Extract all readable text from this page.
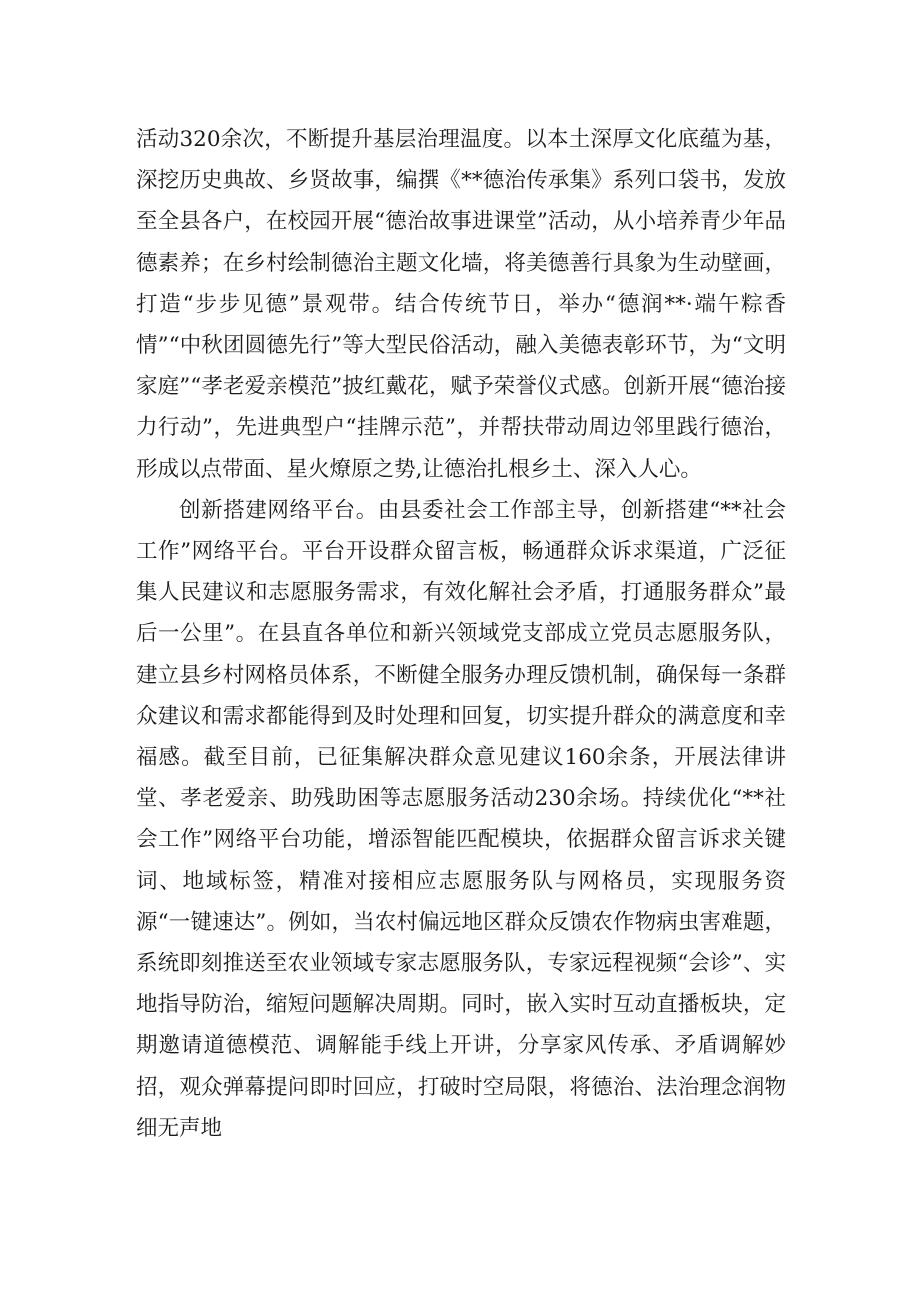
活动320余次，不断提升基层治理温度。以本土深厚文化底蕴为基，深挖历史典故、乡贤故事，编撰《**德治传承集》系列口袋书，发放至全县各户，在校园开展“德治故事进课堂”活动，从小培养青少年品德素养；在乡村绘制德治主题文化墙，将美德善行具象为生动壁画，打造“步步见德”景观带。结合传统节日，举办“德润**·端午粽香情”“中秋团圆德先行”等大型民俗活动，融入美德表彰环节，为“文明家庭”“孝老爱亲模范”披红戴花，赋予荣誉仪式感。创新开展“德治接力行动”，先进典型户“挂牌示范”，并帮扶带动周边邻里践行德治，形成以点带面、星火燎原之势,让德治扎根乡土、深入人心。

创新搭建网络平台。由县委社会工作部主导，创新搭建“**社会工作”网络平台。平台开设群众留言板，畅通群众诉求渠道，广泛征集人民建议和志愿服务需求，有效化解社会矛盾，打通服务群众”最后一公里”。在县直各单位和新兴领域党支部成立党员志愿服务队，建立县乡村网格员体系，不断健全服务办理反馈机制，确保每一条群众建议和需求都能得到及时处理和回复，切实提升群众的满意度和幸福感。截至目前，已征集解决群众意见建议160余条，开展法律讲堂、孝老爱亲、助残助困等志愿服务活动230余场。持续优化“**社会工作”网络平台功能，增添智能匹配模块，依据群众留言诉求关键词、地域标签，精准对接相应志愿服务队与网格员，实现服务资源“一键速达”。例如，当农村偏远地区群众反馈农作物病虫害难题，系统即刻推送至农业领域专家志愿服务队，专家远程视频“会诊”、实地指导防治，缩短问题解决周期。同时，嵌入实时互动直播板块，定期邀请道德模范、调解能手线上开讲，分享家风传承、矛盾调解妙招，观众弹幕提问即时回应，打破时空局限，将德治、法治理念润物细无声地
